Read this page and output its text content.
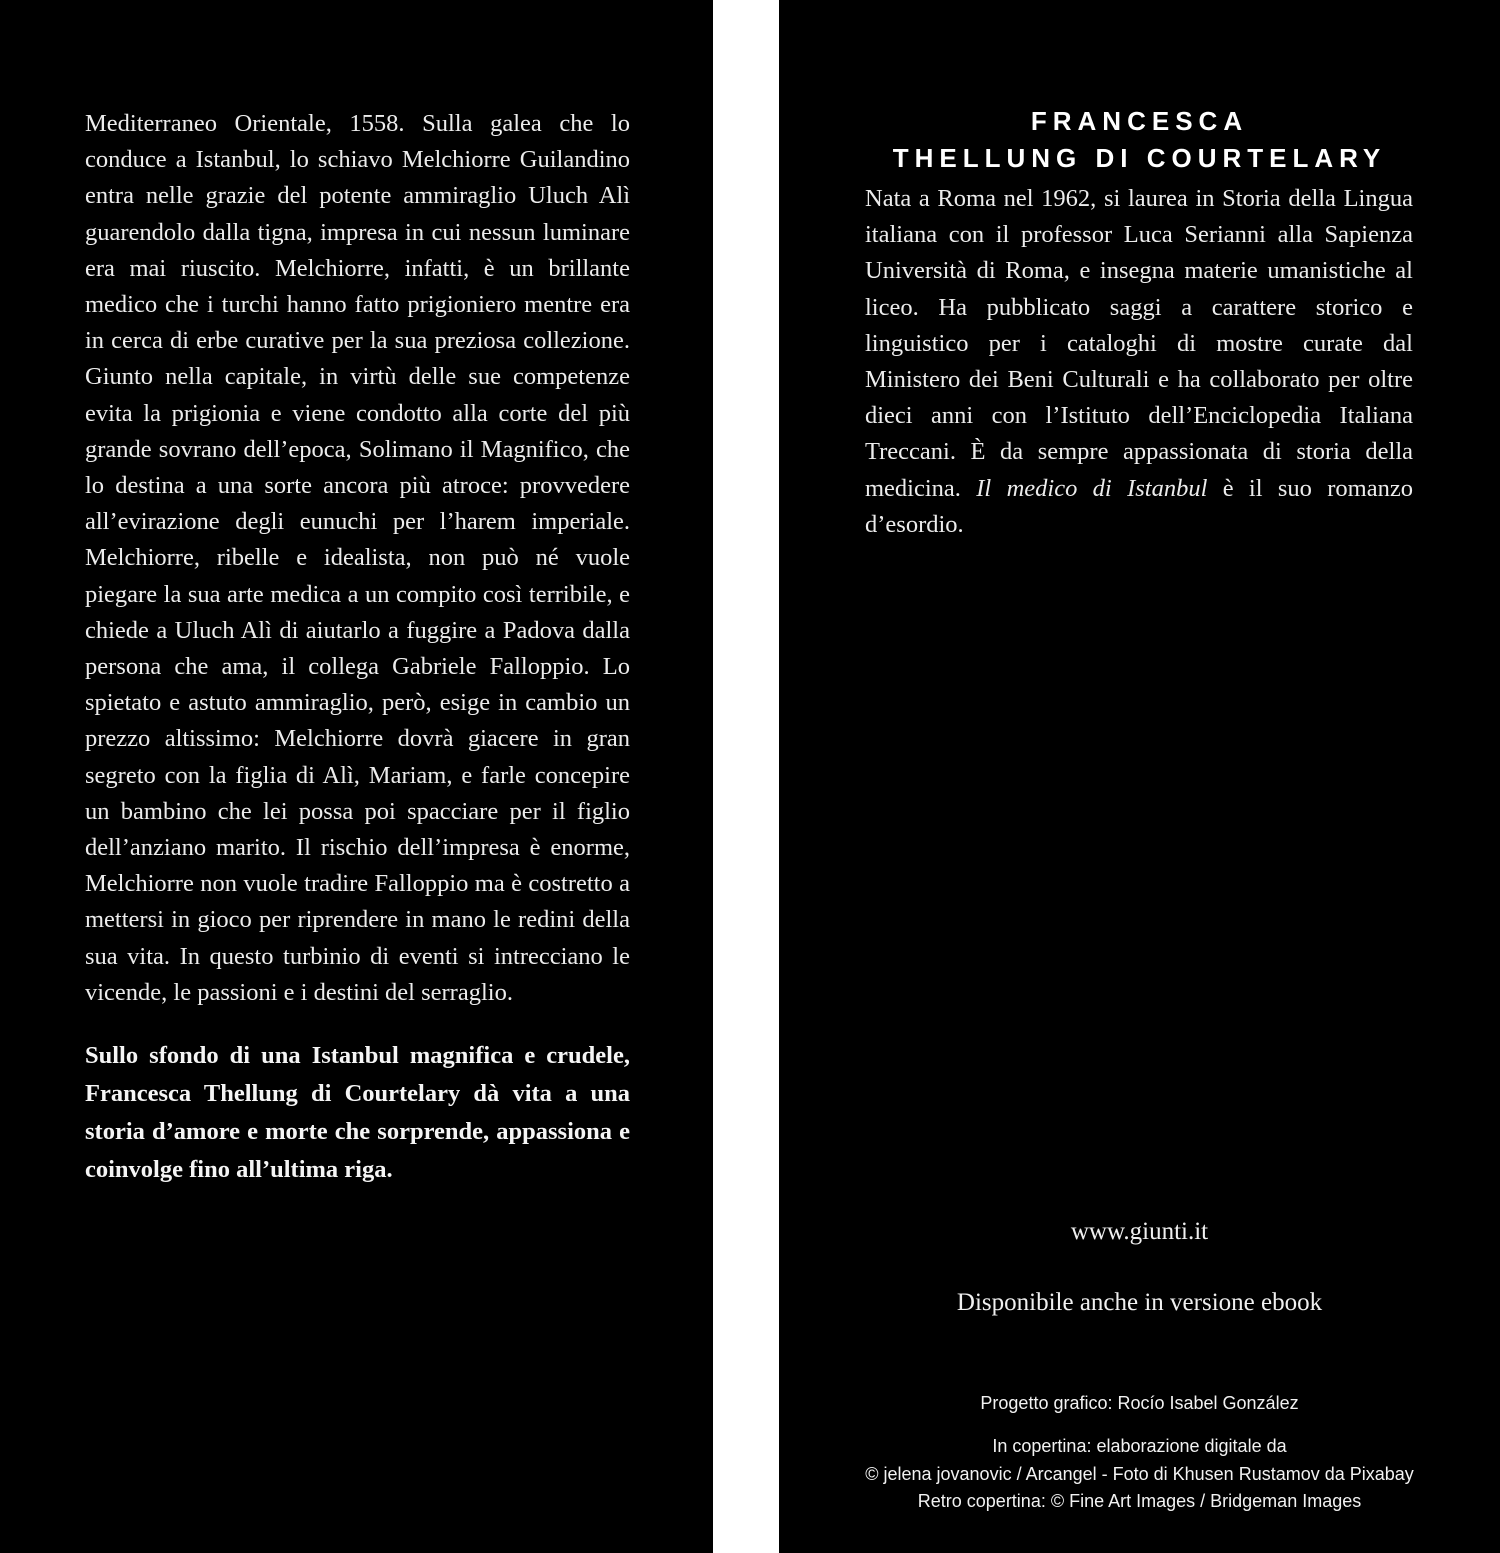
Mediterraneo Orientale, 1558. Sulla galea che lo conduce a Istanbul, lo schiavo Melchiorre Guilandino entra nelle grazie del potente ammiraglio Uluch Alì guarendolo dalla tigna, impresa in cui nessun luminare era mai riuscito. Melchiorre, infatti, è un brillante medico che i turchi hanno fatto prigioniero mentre era in cerca di erbe curative per la sua preziosa collezione. Giunto nella capitale, in virtù delle sue competenze evita la prigionia e viene condotto alla corte del più grande sovrano dell’epoca, Solimano il Magnifico, che lo destina a una sorte ancora più atroce: provvedere all’evirazione degli eunuchi per l’harem imperiale. Melchiorre, ribelle e idealista, non può né vuole piegare la sua arte medica a un compito così terribile, e chiede a Uluch Alì di aiutarlo a fuggire a Padova dalla persona che ama, il collega Gabriele Falloppio. Lo spietato e astuto ammiraglio, però, esige in cambio un prezzo altissimo: Melchiorre dovrà giacere in gran segreto con la figlia di Alì, Mariam, e farle concepire un bambino che lei possa poi spacciare per il figlio dell’anziano marito. Il rischio dell’impresa è enorme, Melchiorre non vuole tradire Falloppio ma è costretto a mettersi in gioco per riprendere in mano le redini della sua vita. In questo turbinio di eventi si intrecciano le vicende, le passioni e i destini del serraglio.

Sullo sfondo di una Istanbul magnifica e crudele, Francesca Thellung di Courtelary dà vita a una storia d’amore e morte che sorprende, appassiona e coinvolge fino all’ultima riga.

FRANCESCA
THELLUNG DI COURTELARY

Nata a Roma nel 1962, si laurea in Storia della Lingua italiana con il professor Luca Serianni alla Sapienza Università di Roma, e insegna materie umanistiche al liceo. Ha pubblicato saggi a carattere storico e linguistico per i cataloghi di mostre curate dal Ministero dei Beni Culturali e ha collaborato per oltre dieci anni con l’Istituto dell’Enciclopedia Italiana Treccani. È da sempre appassionata di storia della medicina. Il medico di Istanbul è il suo romanzo d’esordio.

www.giunti.it

Disponibile anche in versione ebook

Progetto grafico: Rocío Isabel González

In copertina: elaborazione digitale da
© jelena jovanovic / Arcangel - Foto di Khusen Rustamov da Pixabay
Retro copertina: © Fine Art Images / Bridgeman Images
